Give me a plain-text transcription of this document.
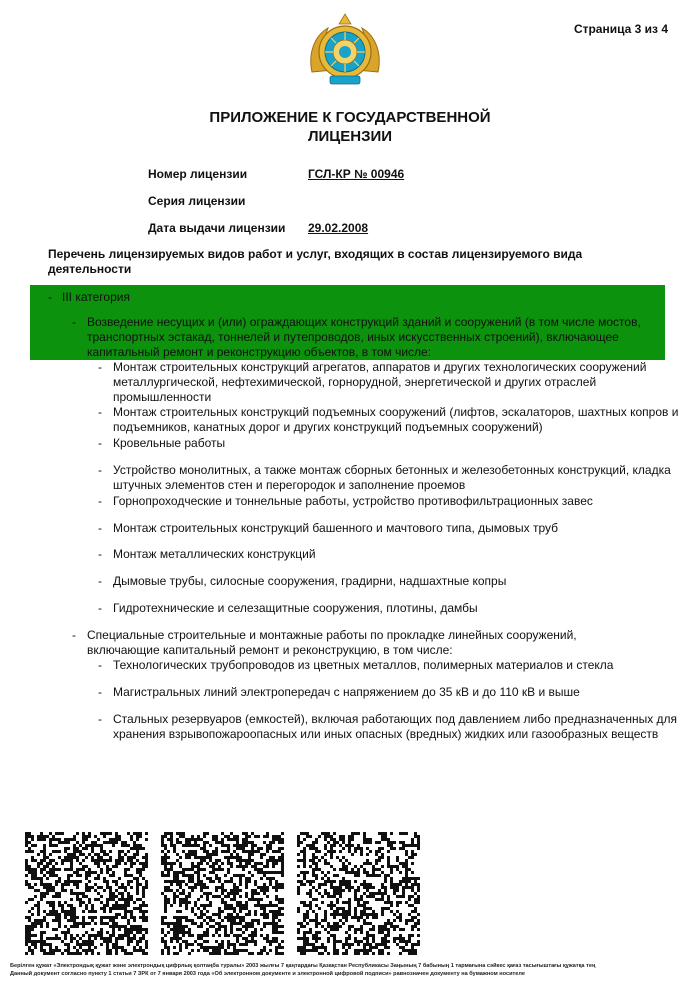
Страница 3 из 4
ПРИЛОЖЕНИЕ К ГОСУДАРСТВЕННОЙ
ЛИЦЕНЗИИ
Номер лицензии	ГСЛ-КР № 00946
Серия лицензии
Дата выдачи лицензии 29.02.2008
Перечень лицензируемых видов работ и услуг, входящих в состав лицензируемого вида деятельности
- III категория
- Возведение несущих и (или) ограждающих конструкций зданий и сооружений (в том числе мостов, транспортных эстакад, тоннелей и путепроводов, иных искусственных строений), включающее капитальный ремонт и реконструкцию объектов, в том числе:
- Монтаж строительных конструкций агрегатов, аппаратов и других технологических сооружений металлургической, нефтехимической, горнорудной, энергетической и других отраслей промышленности
- Монтаж строительных конструкций подъемных сооружений (лифтов, эскалаторов, шахтных копров и подъемников, канатных дорог и других конструкций подъемных сооружений)
- Кровельные работы
- Устройство монолитных, а также монтаж сборных бетонных и железобетонных конструкций, кладка штучных элементов стен и перегородок и заполнение проемов
- Горнопроходческие и тоннельные работы, устройство противофильтрационных завес
- Монтаж строительных конструкций башенного и мачтового типа, дымовых труб
- Монтаж металлических конструкций
- Дымовые трубы, силосные сооружения, градирни, надшахтные копры
- Гидротехнические и селезащитные сооружения, плотины, дамбы
- Специальные строительные и монтажные работы по прокладке линейных сооружений, включающие капитальный ремонт и реконструкцию, в том числе:
- Технологических трубопроводов из цветных металлов, полимерных материалов и стекла
- Магистральных линий электропередач с напряжением до 35 кВ и до 110 кВ и выше
- Стальных резервуаров (емкостей), включая работающих под давлением либо предназначенных для хранения взрывопожароопасных или иных опасных (вредных) жидких или газообразных веществ
Берілген құжат «Электрондық құжат және электрондық цифрлық қолтаңба туралы» 2003 жылғы 7 қаңтардағы Қазақстан Республикасы Заңының 7 бабының 1 тармағына сәйкес қағаз тасығыштағы құжатқа тең
Данный документ согласно пункту 1 статьи 7 ЗРК от 7 января 2003 года «Об электронном документе и электронной цифровой подписи» равнозначен документу на бумажном носителе
